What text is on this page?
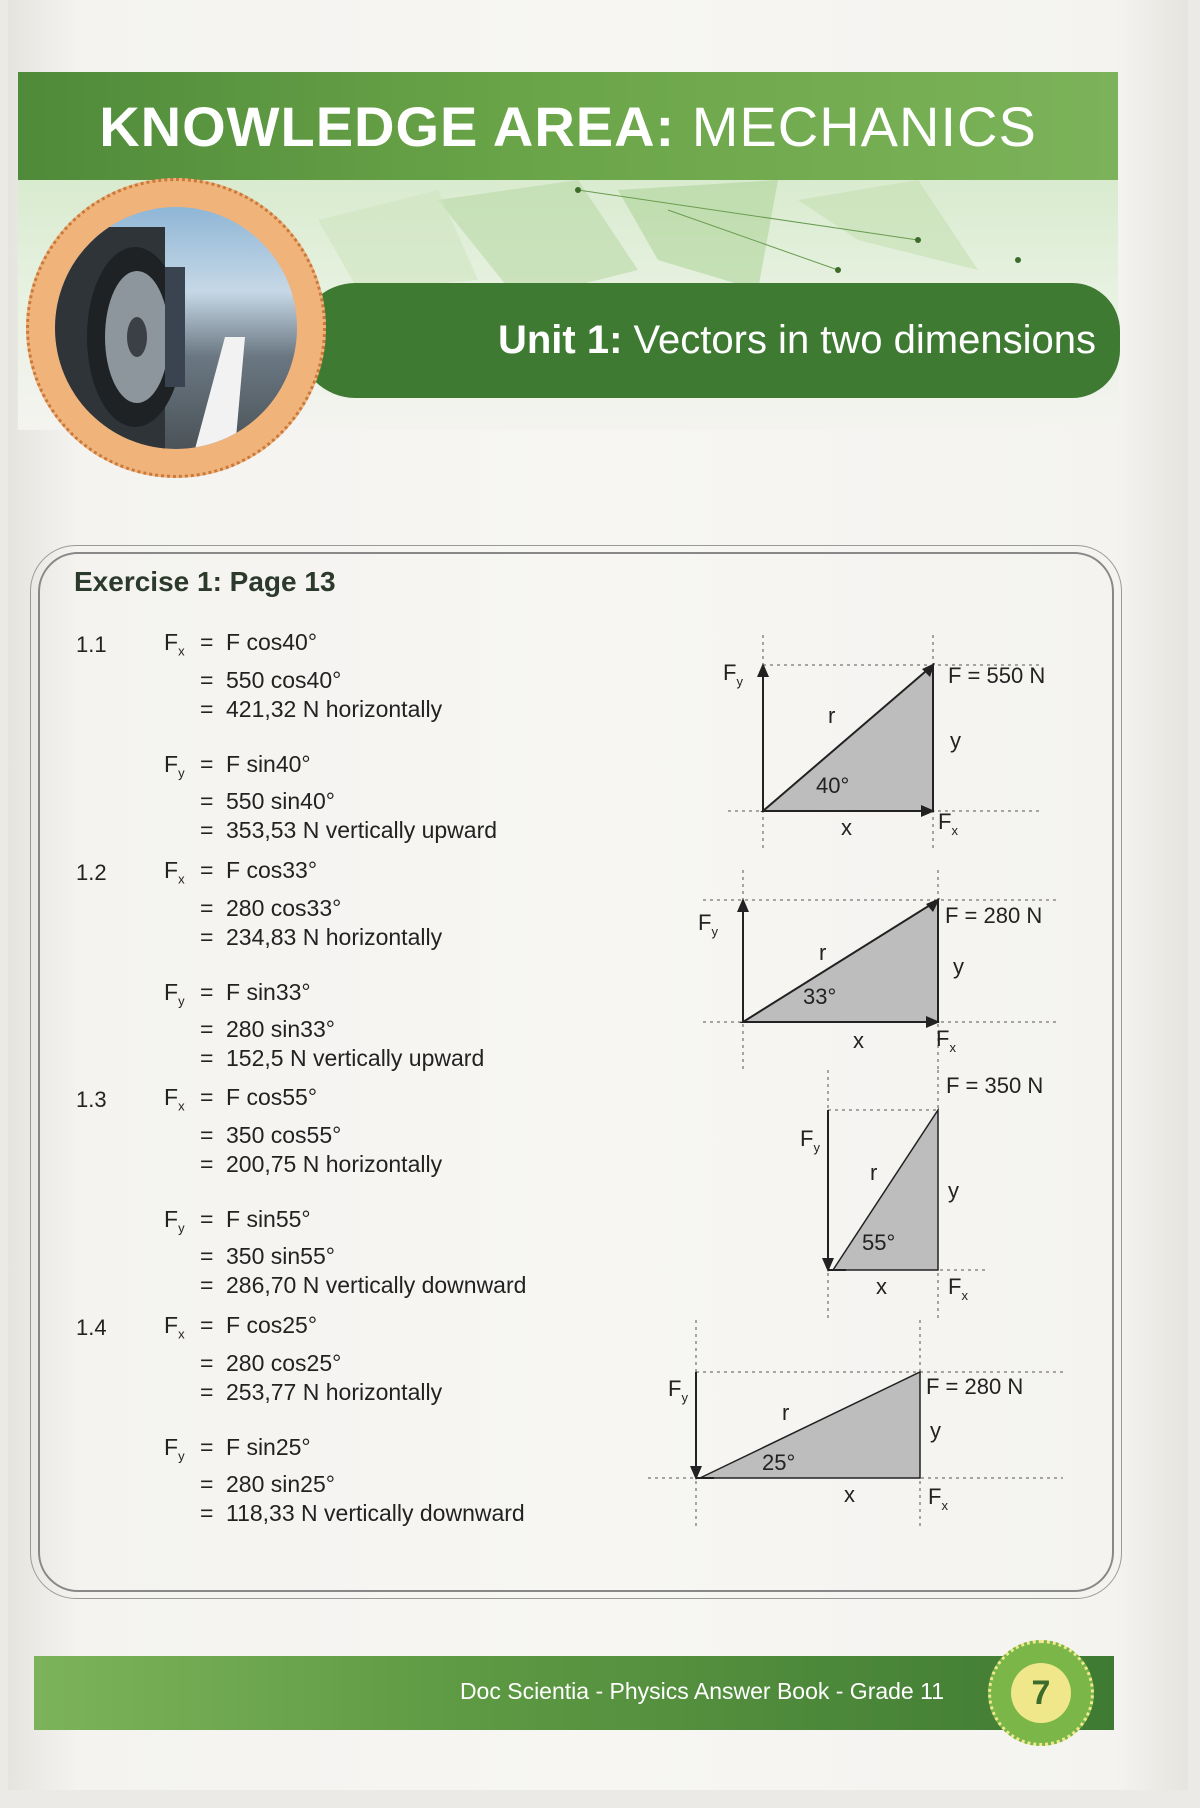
KNOWLEDGE AREA: MECHANICS
Unit 1: Vectors in two dimensions
Exercise 1: Page 13
1.1 $F_x = F$ cos40°
= 550 cos40°
= 421,32 N horizontally
$F_y = F$ sin40°
= 550 sin40°
= 353,53 N vertically upward
1.2 $F_x = F$ cos33°
= 280 cos33°
= 234,83 N horizontally
$F_y = F$ sin33°
= 280 sin33°
= 152,5 N vertically upward
1.3 $F_x = F$ cos55°
= 350 cos55°
= 200,75 N horizontally
$F_y = F$ sin55°
= 350 sin55°
= 286,70 N vertically downward
1.4 $F_x = F$ cos25°
= 280 cos25°
= 253,77 N horizontally
$F_y = F$ sin25°
= 280 sin25°
= 118,33 N vertically downward
$F_y$
r
40°
x
y
F = 550 N
$F_x$
$F_y$
r
33°
x
y
F = 280 N
$F_x$
$F_y$
r
55°
x
y
F = 350 N
$F_x$
$F_y$
r
25°
x
y
F = 280 N
$F_x$
Doc Scientia - Physics Answer Book - Grade 11	7
